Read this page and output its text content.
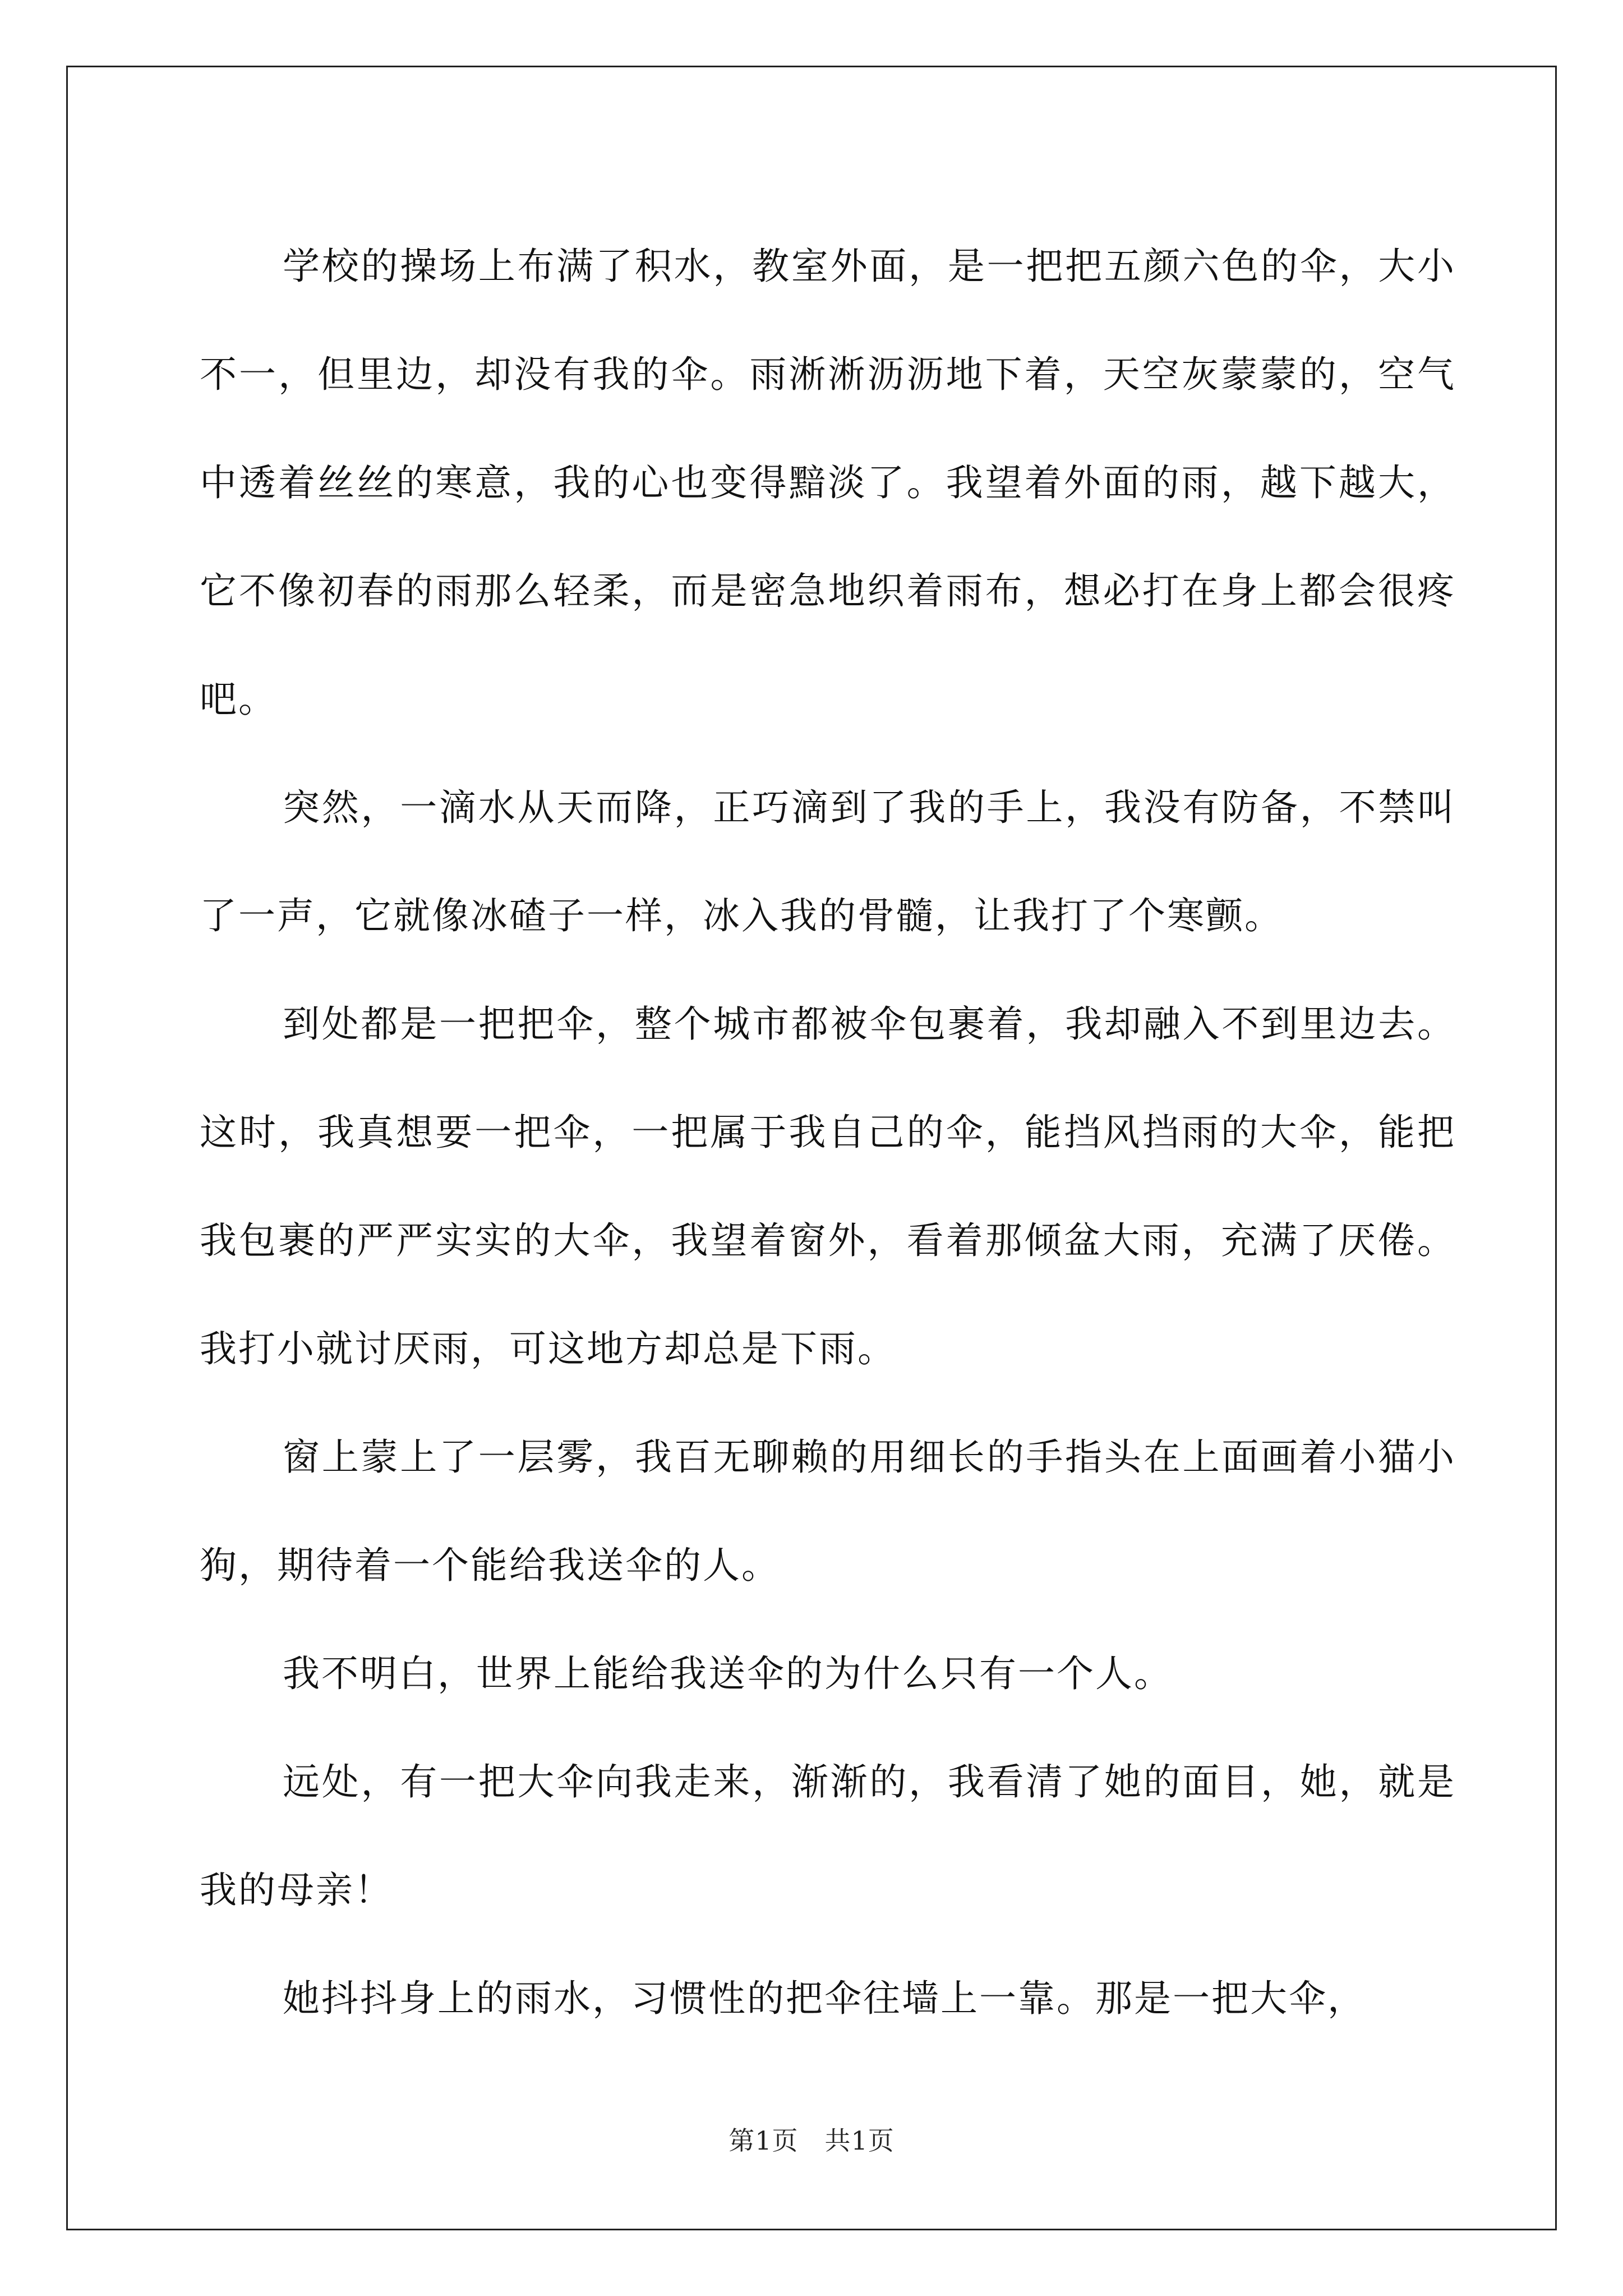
学校的操场上布满了积水，教室外面，是一把把五颜六色的伞，大小不一，但里边，却没有我的伞。雨淅淅沥沥地下着，天空灰蒙蒙的，空气中透着丝丝的寒意，我的心也变得黯淡了。我望着外面的雨，越下越大，它不像初春的雨那么轻柔，而是密急地织着雨布，想必打在身上都会很疼吧。

突然，一滴水从天而降，正巧滴到了我的手上，我没有防备，不禁叫了一声，它就像冰碴子一样，冰入我的骨髓，让我打了个寒颤。

到处都是一把把伞，整个城市都被伞包裹着，我却融入不到里边去。这时，我真想要一把伞，一把属于我自己的伞，能挡风挡雨的大伞，能把我包裹的严严实实的大伞，我望着窗外，看着那倾盆大雨，充满了厌倦。我打小就讨厌雨，可这地方却总是下雨。

窗上蒙上了一层雾，我百无聊赖的用细长的手指头在上面画着小猫小狗，期待着一个能给我送伞的人。

我不明白，世界上能给我送伞的为什么只有一个人。

远处，有一把大伞向我走来，渐渐的，我看清了她的面目，她，就是我的母亲！

她抖抖身上的雨水，习惯性的把伞往墙上一靠。那是一把大伞，

第1页　共1页
